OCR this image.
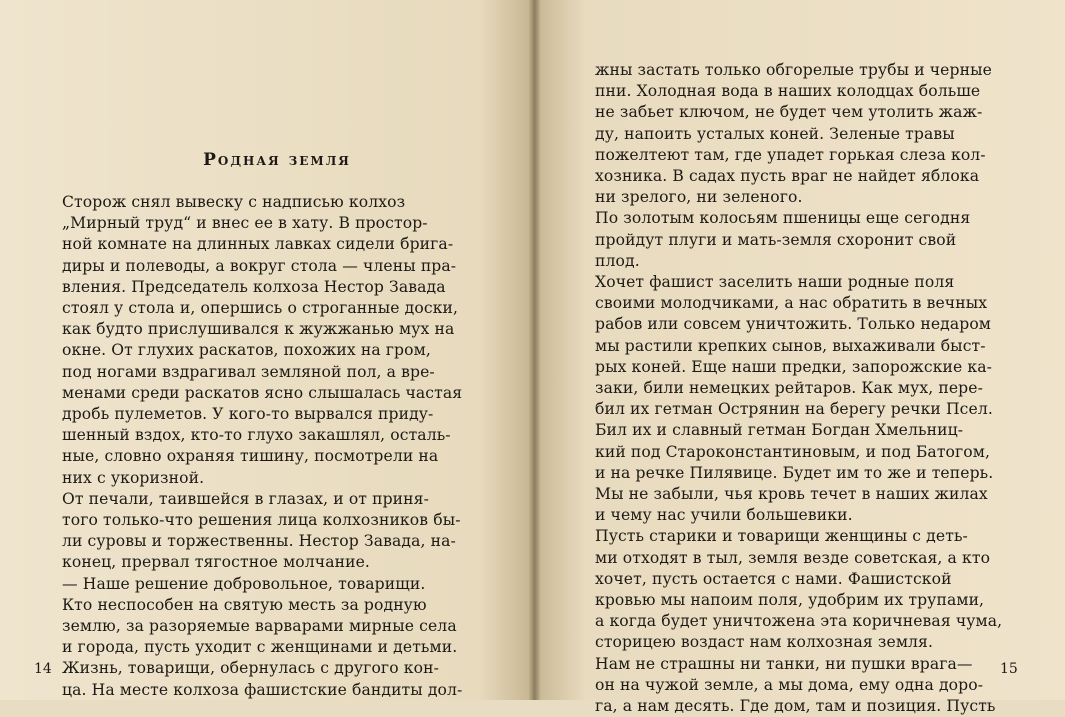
Родная земля

Сторож снял вывеску с надписью колхоз

„Мирный труд“ и внес ее в хату. В простор-

ной комнате на длинных лавках сидели брига-

диры и полеводы, а вокруг стола — члены пра-

вления. Председатель колхоза Нестор Завада

стоял у стола и, опершись о строганные доски,

как будто прислушивался к жужжанью мух на

окне. От глухих раскатов, похожих на гром,

под ногами вздрагивал земляной пол, а вре-

менами среди раскатов ясно слышалась частая

дробь пулеметов. У кого-то вырвался приду-

шенный вздох, кто-то глухо закашлял, осталь-

ные, словно охраняя тишину, посмотрели на

них с укоризной.

От печали, таившейся в глазах, и от приня-

того только-что решения лица колхозников бы-

ли суровы и торжественны. Нестор Завада, на-

конец, прервал тягостное молчание.

— Наше решение добровольное, товарищи.

Кто неспособен на святую месть за родную

землю, за разоряемые варварами мирные села

и города, пусть уходит с женщинами и детьми.

Жизнь, товарищи, обернулась с другого кон-

ца. На месте колхоза фашистские бандиты дол-

14

жны застать только обгорелые трубы и черные

пни. Холодная вода в наших колодцах больше

не забьет ключом, не будет чем утолить жаж-

ду, напоить усталых коней. Зеленые травы

пожелтеют там, где упадет горькая слеза кол-

хозника. В садах пусть враг не найдет яблока

ни зрелого, ни зеленого.

По золотым колосьям пшеницы еще сегодня

пройдут плуги и мать-земля схоронит свой

плод.

Хочет фашист заселить наши родные поля

своими молодчиками, а нас обратить в вечных

рабов или совсем уничтожить. Только недаром

мы растили крепких сынов, выхаживали быст-

рых коней. Еще наши предки, запорожские ка-

заки, били немецких рейтаров. Как мух, пере-

бил их гетман Острянин на берегу речки Псел.

Бил их и славный гетман Богдан Хмельниц-

кий под Староконстантиновым, и под Батогом,

и на речке Пилявице. Будет им то же и теперь.

Мы не забыли, чья кровь течет в наших жилах

и чему нас учили большевики.

Пусть старики и товарищи женщины с деть-

ми отходят в тыл, земля везде советская, а кто

хочет, пусть остается с нами. Фашистской

кровью мы напоим поля, удобрим их трупами,

а когда будет уничтожена эта коричневая чума,

сторицею воздаст нам колхозная земля.

Нам не страшны ни танки, ни пушки врага—

он на чужой земле, а мы дома, ему одна доро-

га, а нам десять. Где дом, там и позиция. Пусть

15
